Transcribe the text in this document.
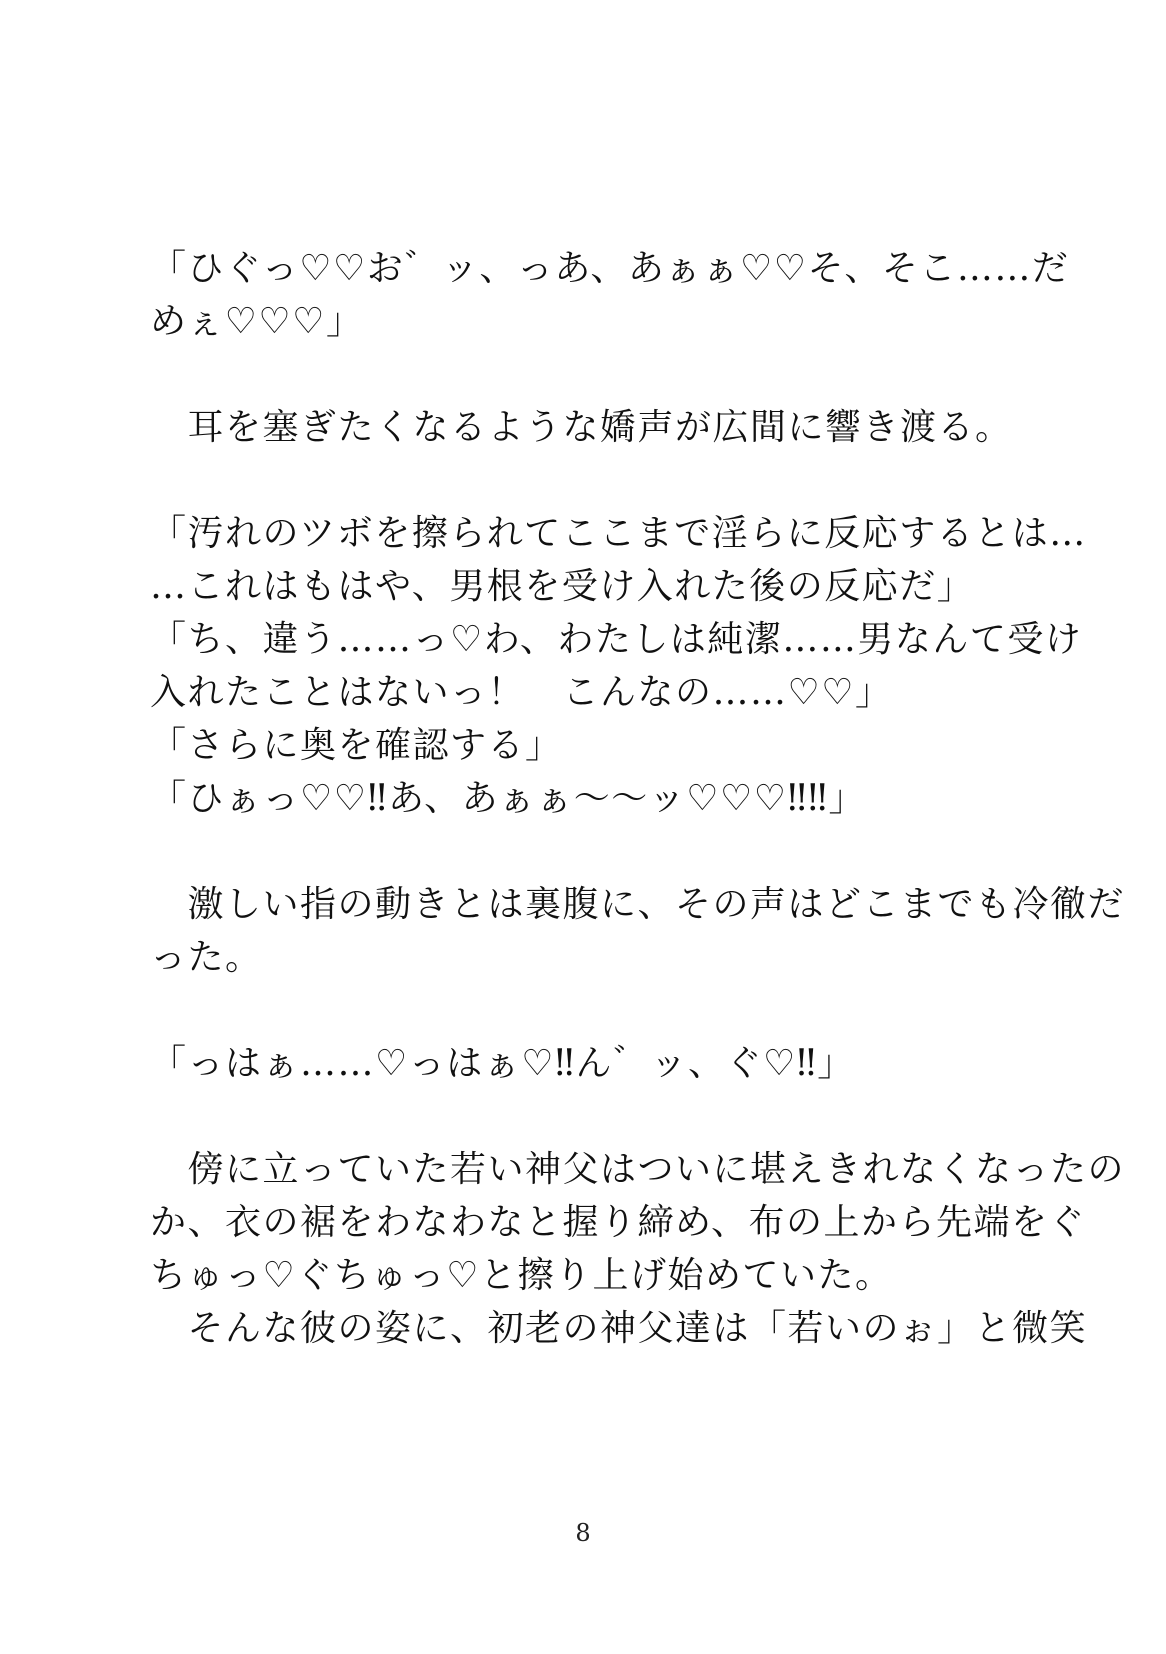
「ひぐっ♡♡お゛ッ、っあ、あぁぁ♡♡そ、そこ……だ
めぇ♡♡♡」
　耳を塞ぎたくなるような嬌声が広間に響き渡る。
「汚れのツボを擦られてここまで淫らに反応するとは…
…これはもはや、男根を受け入れた後の反応だ」
「ち、違う……っ♡わ、わたしは純潔……男なんて受け
入れたことはないっ！　こんなの……♡♡」
「さらに奥を確認する」
「ひぁっ♡♡‼あ、あぁぁ〜〜ッ♡♡♡‼‼」
　激しい指の動きとは裏腹に、その声はどこまでも冷徹だ
った。
「っはぁ……♡っはぁ♡‼ん゛ッ、ぐ♡‼」
　傍に立っていた若い神父はついに堪えきれなくなったの
か、衣の裾をわなわなと握り締め、布の上から先端をぐ
ちゅっ♡ぐちゅっ♡と擦り上げ始めていた。
　そんな彼の姿に、初老の神父達は「若いのぉ」と微笑
8
